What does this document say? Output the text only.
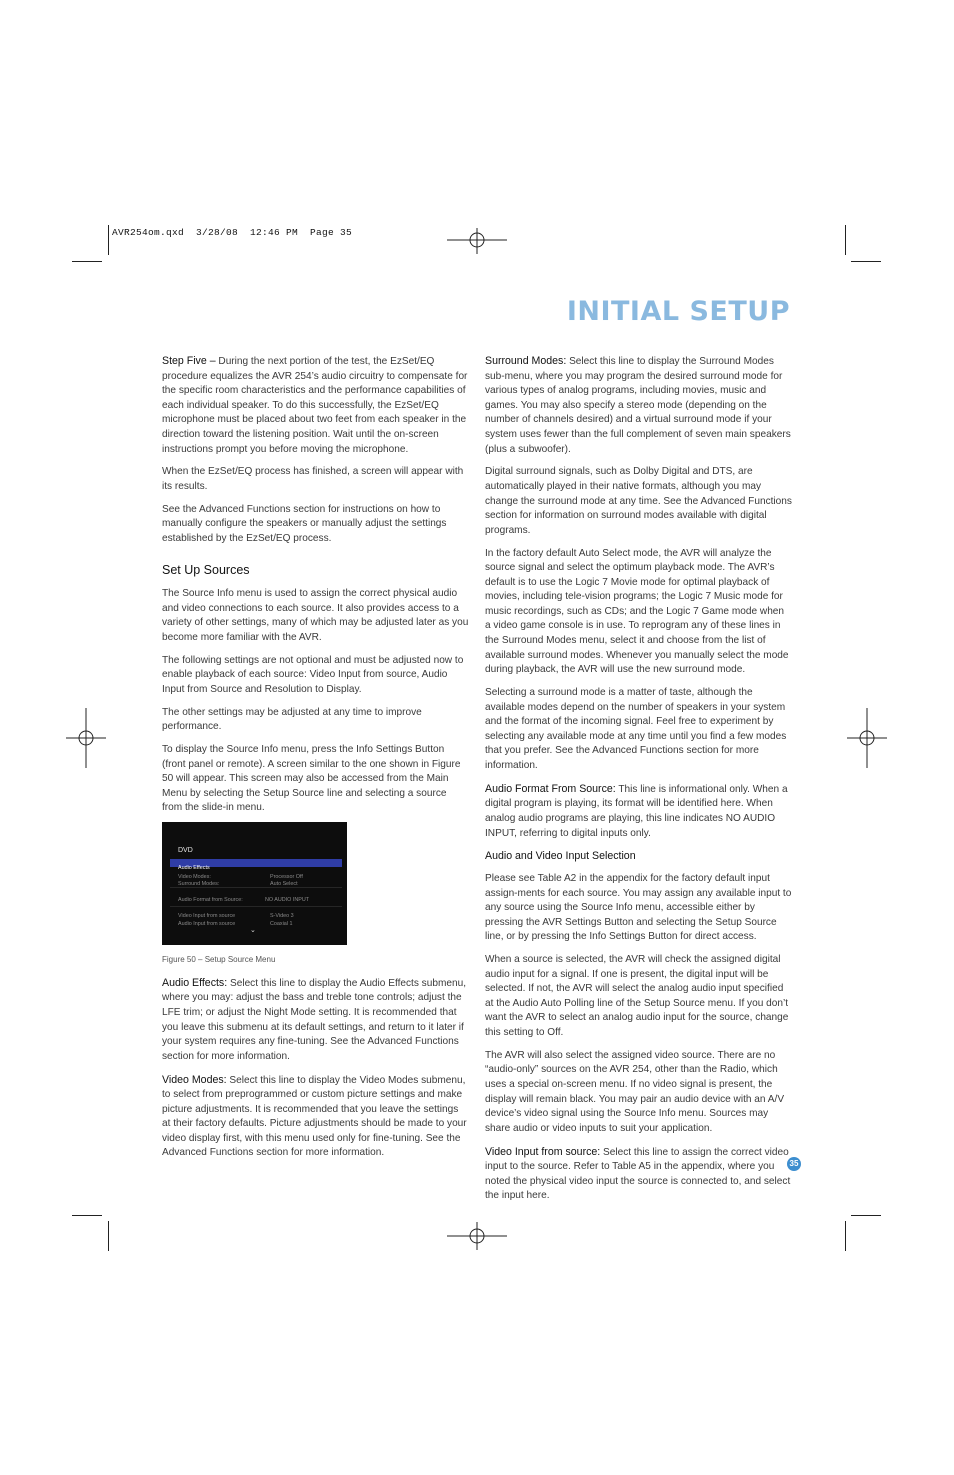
AVR254om.qxd  3/28/08  12:46 PM  Page 35
INITIAL SETUP

Step Five – During the next portion of the test, the EzSet/EQ procedure equalizes the AVR 254’s audio circuitry to compensate for the specific room characteristics and the performance capabilities of each individual speaker. To do this successfully, the EzSet/EQ microphone must be placed about two feet from each speaker in the direction toward the listening position. Wait until the on-screen instructions prompt you before moving the microphone.

When the EzSet/EQ process has finished, a screen will appear with its results.

See the Advanced Functions section for instructions on how to manually configure the speakers or manually adjust the settings established by the EzSet/EQ process.

Set Up Sources

The Source Info menu is used to assign the correct physical audio and video connections to each source. It also provides access to a variety of other settings, many of which may be adjusted later as you become more familiar with the AVR.

The following settings are not optional and must be adjusted now to enable playback of each source: Video Input from source, Audio Input from Source and Resolution to Display.

The other settings may be adjusted at any time to improve performance.

To display the Source Info menu, press the Info Settings Button (front panel or remote). A screen similar to the one shown in Figure 50 will appear. This screen may also be accessed from the Main Menu by selecting the Setup Source line and selecting a source from the slide-in menu.

DVD
Audio Effects
Video Modes:	Processor Off
Surround Modes:	Auto Select
Audio Format from Source:	NO AUDIO INPUT
Video Input from source	S-Video 3
Audio Input from source	Coaxial 1
⌄

Figure 50 – Setup Source Menu

Audio Effects: Select this line to display the Audio Effects submenu, where you may: adjust the bass and treble tone controls; adjust the LFE trim; or adjust the Night Mode setting. It is recommended that you leave this submenu at its default settings, and return to it later if your system requires any fine-tuning. See the Advanced Functions section for more information.

Video Modes: Select this line to display the Video Modes submenu, to select from preprogrammed or custom picture settings and make picture adjustments. It is recommended that you leave the settings at their factory defaults. Picture adjustments should be made to your video display first, with this menu used only for fine-tuning. See the Advanced Functions section for more information.

Surround Modes: Select this line to display the Surround Modes sub-menu, where you may program the desired surround mode for various types of analog programs, including movies, music and games. You may also specify a stereo mode (depending on the number of channels desired) and a virtual surround mode if your system uses fewer than the full complement of seven main speakers (plus a subwoofer).

Digital surround signals, such as Dolby Digital and DTS, are automatically played in their native formats, although you may change the surround mode at any time. See the Advanced Functions section for information on surround modes available with digital programs.

In the factory default Auto Select mode, the AVR will analyze the source signal and select the optimum playback mode. The AVR’s default is to use the Logic 7 Movie mode for optimal playback of movies, including tele-vision programs; the Logic 7 Music mode for music recordings, such as CDs; and the Logic 7 Game mode when a video game console is in use. To reprogram any of these lines in the Surround Modes menu, select it and choose from the list of available surround modes. Whenever you manually select the mode during playback, the AVR will use the new surround mode.

Selecting a surround mode is a matter of taste, although the available modes depend on the number of speakers in your system and the format of the incoming signal. Feel free to experiment by selecting any available mode at any time until you find a few modes that you prefer. See the Advanced Functions section for more information.

Audio Format From Source: This line is informational only. When a digital program is playing, its format will be identified here. When analog audio programs are playing, this line indicates NO AUDIO INPUT, referring to digital inputs only.

Audio and Video Input Selection

Please see Table A2 in the appendix for the factory default input assign-ments for each source. You may assign any available input to any source using the Source Info menu, accessible either by pressing the AVR Settings Button and selecting the Setup Source line, or by pressing the Info Settings Button for direct access.

When a source is selected, the AVR will check the assigned digital audio input for a signal. If one is present, the digital input will be selected. If not, the AVR will select the analog audio input specified at the Audio Auto Polling line of the Setup Source menu. If you don’t want the AVR to select an analog audio input for the source, change this setting to Off.

The AVR will also select the assigned video source. There are no “audio-only” sources on the AVR 254, other than the Radio, which uses a special on-screen menu. If no video signal is present, the display will remain black. You may pair an audio device with an A/V device’s video signal using the Source Info menu. Sources may share audio or video inputs to suit your application.

Video Input from source: Select this line to assign the correct video input to the source. Refer to Table A5 in the appendix, where you noted the physical video input the source is connected to, and select the input here.

35
